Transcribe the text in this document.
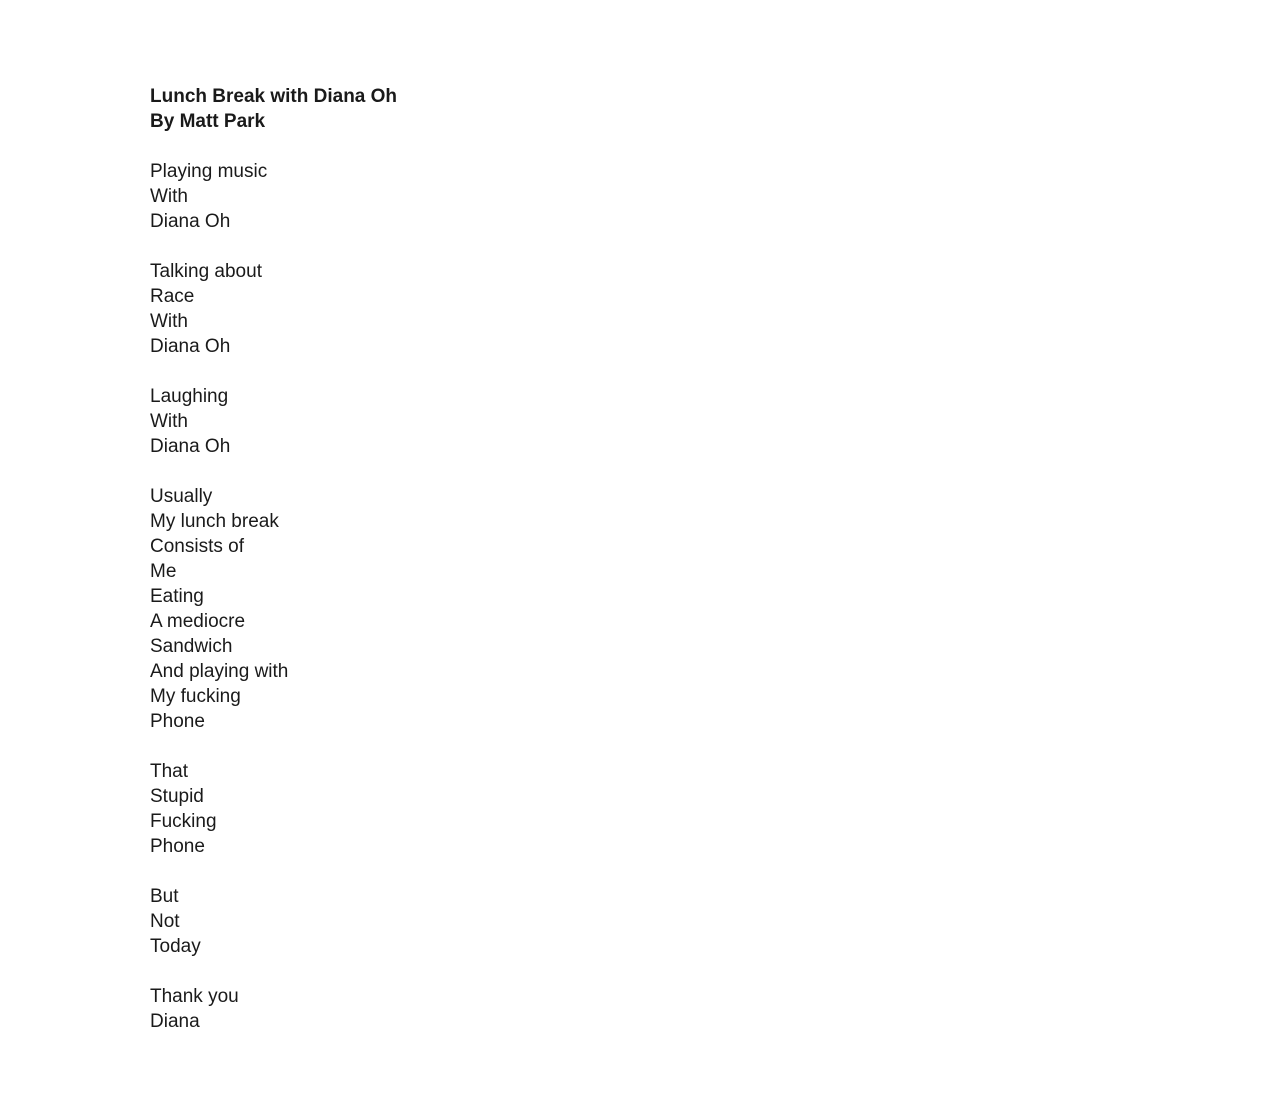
Lunch Break with Diana Oh
By Matt Park
Playing music
With
Diana Oh
Talking about
Race
With
Diana Oh
Laughing
With
Diana Oh
Usually
My lunch break
Consists of
Me
Eating
A mediocre
Sandwich
And playing with
My fucking
Phone
That
Stupid
Fucking
Phone
But
Not
Today
Thank you
Diana
